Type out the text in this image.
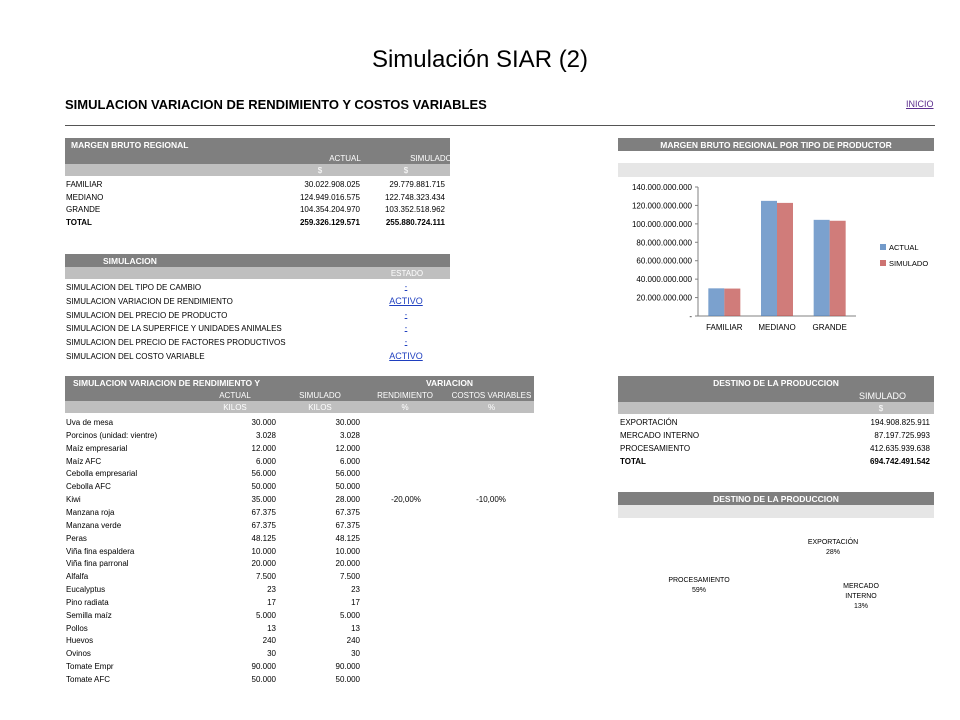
Simulación SIAR (2)
SIMULACION VARIACION DE RENDIMIENTO Y COSTOS VARIABLES	INICIO
MARGEN BRUTO REGIONAL
ACTUAL	SIMULADO
$	$
FAMILIAR	30.022.908.025	29.779.881.715
MEDIANO	124.949.016.575	122.748.323.434
GRANDE	104.354.204.970	103.352.518.962
TOTAL	259.326.129.571	255.880.724.111
SIMULACION
ESTADO
SIMULACION DEL TIPO DE CAMBIO	-
SIMULACION VARIACION DE RENDIMIENTO	ACTIVO
SIMULACION DEL PRECIO DE PRODUCTO	-
SIMULACION DE LA SUPERFICE Y UNIDADES ANIMALES	-
SIMULACION DEL PRECIO DE FACTORES PRODUCTIVOS	-
SIMULACION DEL COSTO VARIABLE	ACTIVO
SIMULACION VARIACION DE RENDIMIENTO Y	VARIACION
ACTUAL	SIMULADO	RENDIMIENTO	COSTOS VARIABLES
KILOS	KILOS	%	%
Uva de mesa	30.000	30.000
Porcinos (unidad: vientre)	3.028	3.028
Maíz empresarial	12.000	12.000
Maíz AFC	6.000	6.000
Cebolla empresarial	56.000	56.000
Cebolla AFC	50.000	50.000
Kiwi	35.000	28.000	-20,00%	-10,00%
Manzana roja	67.375	67.375
Manzana verde	67.375	67.375
Peras	48.125	48.125
Viña fina espaldera	10.000	10.000
Viña fina parronal	20.000	20.000
Alfalfa	7.500	7.500
Eucalyptus	23	23
Pino radiata	17	17
Semilla maíz	5.000	5.000
Pollos	13	13
Huevos	240	240
Ovinos	30	30
Tomate Empr	90.000	90.000
Tomate AFC	50.000	50.000
MARGEN BRUTO REGIONAL POR TIPO DE PRODUCTOR
-
20.000.000.000
40.000.000.000
60.000.000.000
80.000.000.000
100.000.000.000
120.000.000.000
140.000.000.000
FAMILIAR MEDIANO GRANDE
ACTUAL
SIMULADO
DESTINO DE LA PRODUCCION
SIMULADO
$
EXPORTACIÓN	194.908.825.911
MERCADO INTERNO	87.197.725.993
PROCESAMIENTO	412.635.939.638
TOTAL	694.742.491.542
DESTINO DE LA PRODUCCION
EXPORTACIÓN
28%
MERCADO
INTERNO
13%
PROCESAMIENTO
59%
